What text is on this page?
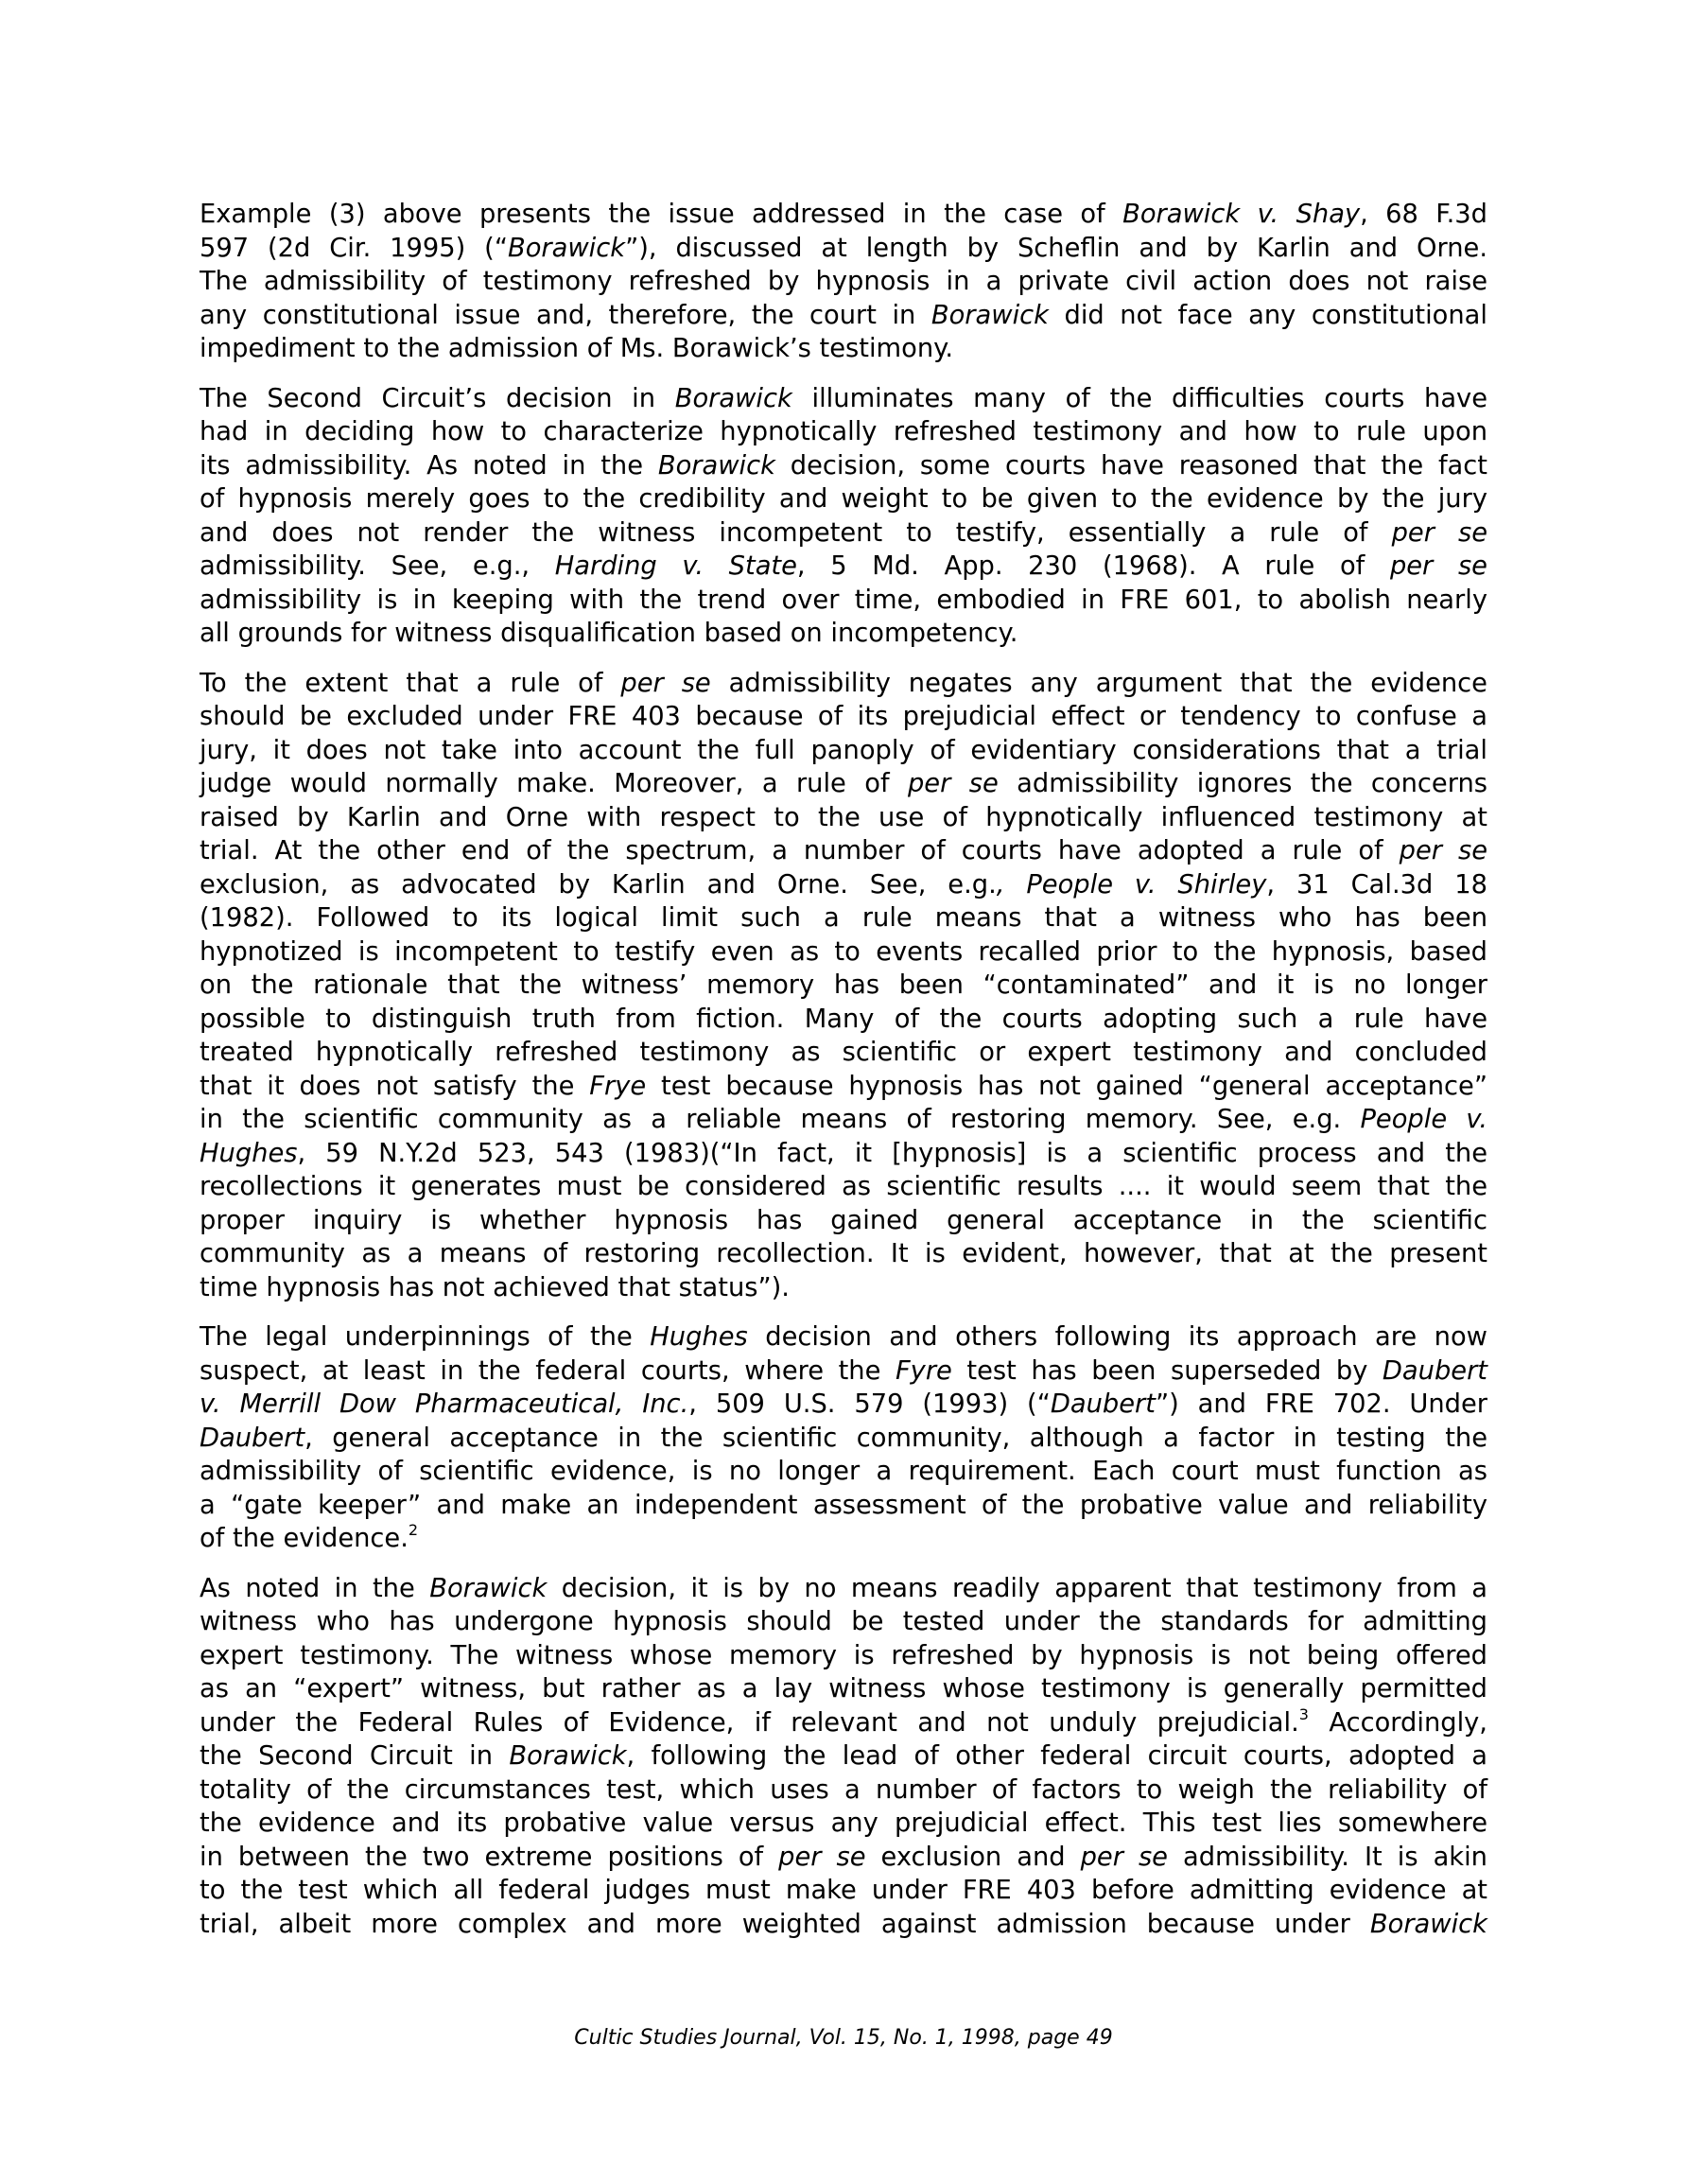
Example (3) above presents the issue addressed in the case of Borawick v. Shay, 68 F.3d
597 (2d Cir. 1995) (“Borawick”), discussed at length by Scheflin and by Karlin and Orne.
The admissibility of testimony refreshed by hypnosis in a private civil action does not raise
any constitutional issue and, therefore, the court in Borawick did not face any constitutional
impediment to the admission of Ms. Borawick’s testimony.
The Second Circuit’s decision in Borawick illuminates many of the difficulties courts have
had in deciding how to characterize hypnotically refreshed testimony and how to rule upon
its admissibility. As noted in the Borawick decision, some courts have reasoned that the fact
of hypnosis merely goes to the credibility and weight to be given to the evidence by the jury
and does not render the witness incompetent to testify, essentially a rule of per se
admissibility. See, e.g., Harding v. State, 5 Md. App. 230 (1968). A rule of per se
admissibility is in keeping with the trend over time, embodied in FRE 601, to abolish nearly
all grounds for witness disqualification based on incompetency.
To the extent that a rule of per se admissibility negates any argument that the evidence
should be excluded under FRE 403 because of its prejudicial effect or tendency to confuse a
jury, it does not take into account the full panoply of evidentiary considerations that a trial
judge would normally make. Moreover, a rule of per se admissibility ignores the concerns
raised by Karlin and Orne with respect to the use of hypnotically influenced testimony at
trial. At the other end of the spectrum, a number of courts have adopted a rule of per se
exclusion, as advocated by Karlin and Orne. See, e.g., People v. Shirley, 31 Cal.3d 18
(1982). Followed to its logical limit such a rule means that a witness who has been
hypnotized is incompetent to testify even as to events recalled prior to the hypnosis, based
on the rationale that the witness’ memory has been “contaminated” and it is no longer
possible to distinguish truth from fiction. Many of the courts adopting such a rule have
treated hypnotically refreshed testimony as scientific or expert testimony and concluded
that it does not satisfy the Frye test because hypnosis has not gained “general acceptance”
in the scientific community as a reliable means of restoring memory. See, e.g. People v.
Hughes, 59 N.Y.2d 523, 543 (1983)(“In fact, it [hypnosis] is a scientific process and the
recollections it generates must be considered as scientific results .... it would seem that the
proper inquiry is whether hypnosis has gained general acceptance in the scientific
community as a means of restoring recollection. It is evident, however, that at the present
time hypnosis has not achieved that status”).
The legal underpinnings of the Hughes decision and others following its approach are now
suspect, at least in the federal courts, where the Fyre test has been superseded by Daubert
v. Merrill Dow Pharmaceutical, Inc., 509 U.S. 579 (1993) (“Daubert”) and FRE 702. Under
Daubert, general acceptance in the scientific community, although a factor in testing the
admissibility of scientific evidence, is no longer a requirement. Each court must function as
a “gate keeper” and make an independent assessment of the probative value and reliability
of the evidence.$^2$
As noted in the Borawick decision, it is by no means readily apparent that testimony from a
witness who has undergone hypnosis should be tested under the standards for admitting
expert testimony. The witness whose memory is refreshed by hypnosis is not being offered
as an “expert” witness, but rather as a lay witness whose testimony is generally permitted
under the Federal Rules of Evidence, if relevant and not unduly prejudicial.$^3$ Accordingly,
the Second Circuit in Borawick, following the lead of other federal circuit courts, adopted a
totality of the circumstances test, which uses a number of factors to weigh the reliability of
the evidence and its probative value versus any prejudicial effect. This test lies somewhere
in between the two extreme positions of per se exclusion and per se admissibility. It is akin
to the test which all federal judges must make under FRE 403 before admitting evidence at
trial, albeit more complex and more weighted against admission because under Borawick
Cultic Studies Journal, Vol. 15, No. 1, 1998, page 49
